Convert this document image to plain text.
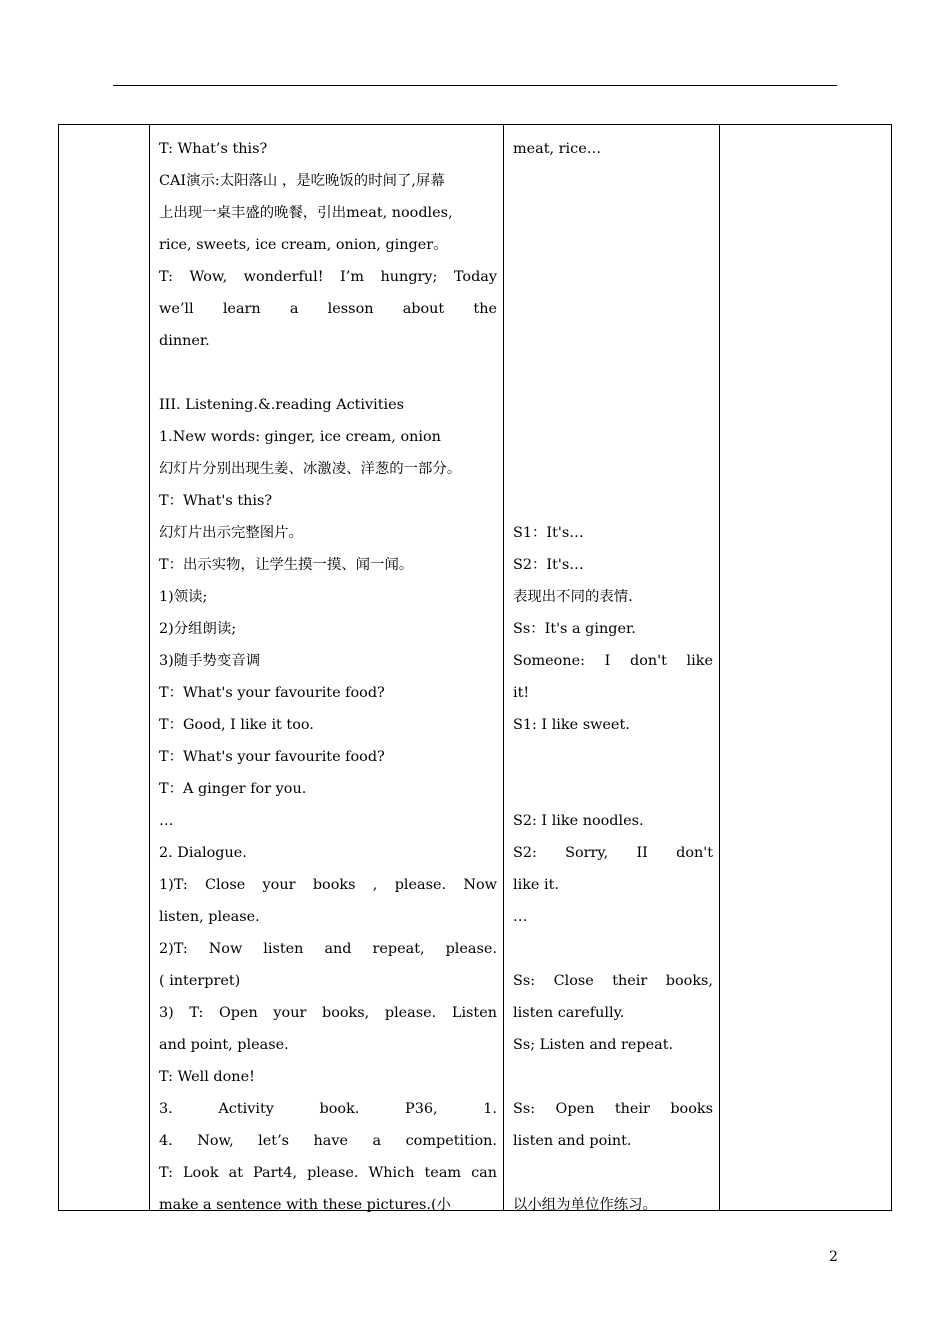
T: What’s this?
CAI演示:太阳落山 ，是吃晚饭的时间了,屏幕
上出现一桌丰盛的晚餐，引出meat, noodles,
rice, sweets, ice cream, onion, ginger。
T: Wow, wonderful! I’m hungry; Today
we’ll learn a lesson about the
dinner.
III. Listening.&.reading Activities
1.New words: ginger, ice cream, onion
幻灯片分别出现生姜、冰激凌、洋葱的一部分。
T：What's this?
幻灯片出示完整图片。
T：出示实物，让学生摸一摸、闻一闻。
1)领读;
2)分组朗读;
3)随手势变音调
T：What's your favourite food?
T：Good, I like it too.
T：What's your favourite food?
T：A ginger for you.
…
2. Dialogue.
1)T: Close your books , please. Now
listen, please.
2)T: Now listen and repeat, please.
( interpret)
3) T: Open your books, please. Listen
and point, please.
T: Well done!
3. Activity book. P36, 1.
4. Now, let’s have a competition.
T: Look at Part4, please. Which team can
make a sentence with these pictures.(小
meat, rice…
S1：It's…
S2：It's…
表现出不同的表情.
Ss：It's a ginger.
Someone: I don't like
it!
S1: I like sweet.
S2: I like noodles.
S2: Sorry, II don't
like it.
…
Ss: Close their books,
listen carefully.
Ss; Listen and repeat.
Ss: Open their books
listen and point.
以小组为单位作练习。
2
